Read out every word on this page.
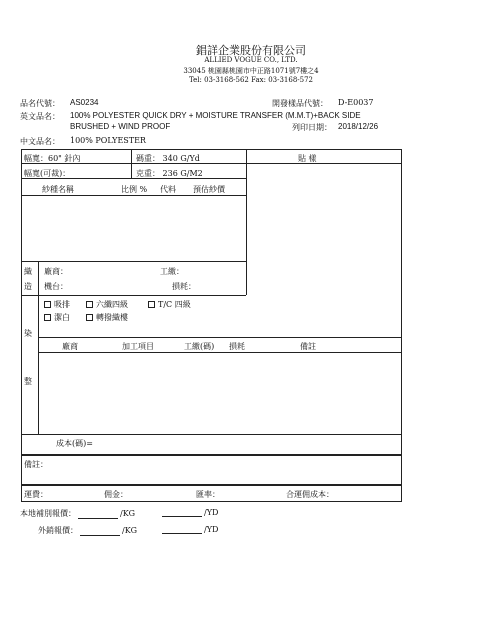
錩詳企業股份有限公司
ALLIED VOGUE CO., LTD.
33045 桃園縣桃園市中正路1071號7樓之4
Tel: 03-3168-562 Fax: 03-3168-572
品名代號： AS0234	開發樣品代號： D-E0037
英文品名： 100% POLYESTER QUICK DRY + MOISTURE TRANSFER (M.M.T)+BACK SIDE
BRUSHED + WIND PROOF	列印日期： 2018/12/26
中文品名： 100% POLYESTER
幅寬：60" 針內	碼重： 340 G/Yd	貼 樣
幅寬(可裁)：	克重： 236 G/M2
紗種名稱	比例 % 代料 預估紗價
織
造
廠商：	工繳：
機台：	損耗：
吸排	六纖四級	T/C 四級
潔白	轉撥織樓
染
整
廠商	加工項目	工繳(碼) 損耗	備註
成本(碼)=
備註：
運費：	佣金：	匯率：	合運佣成本：
本地補別報價：	/KG	/YD
外銷報價：	/KG	/YD
